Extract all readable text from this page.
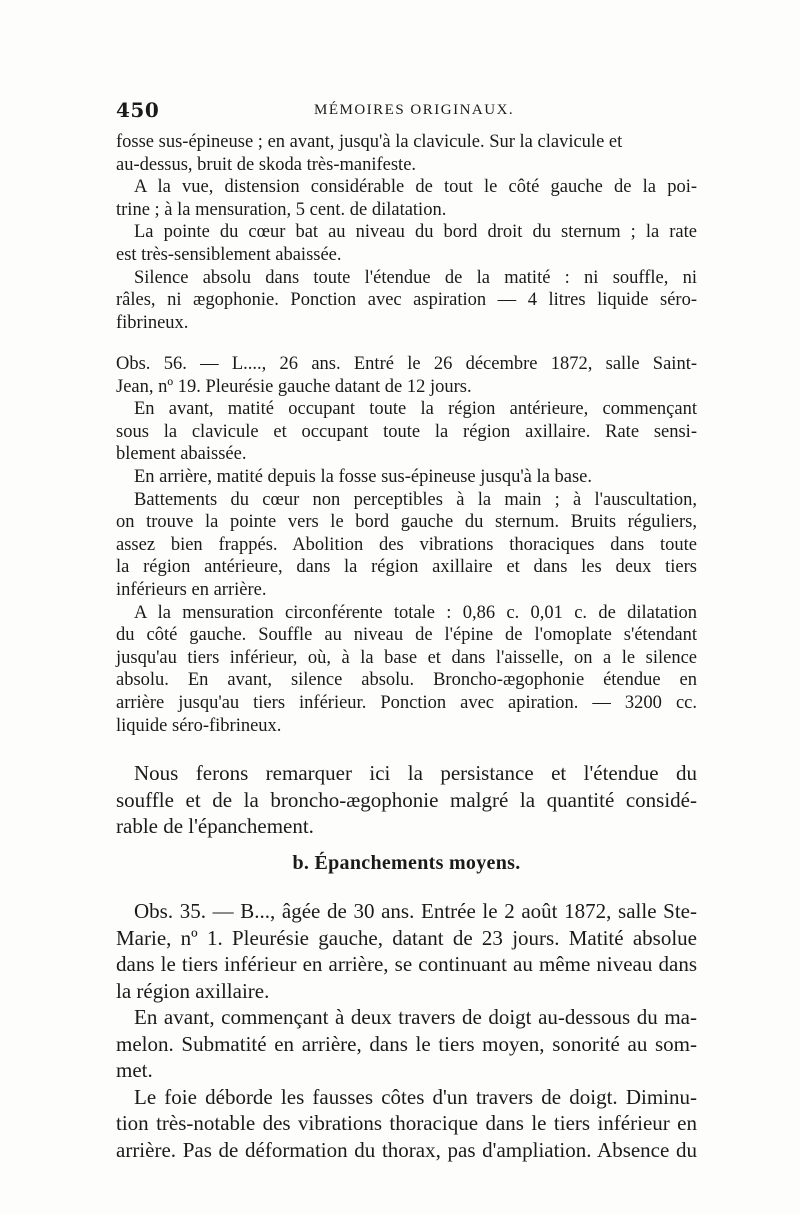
450	MÉMOIRES ORIGINAUX.
fosse sus-épineuse ; en avant, jusqu'à la clavicule. Sur la clavicule et
au-dessus, bruit de skoda très-manifeste.
A la vue, distension considérable de tout le côté gauche de la poi-
trine ; à la mensuration, 5 cent. de dilatation.
La pointe du cœur bat au niveau du bord droit du sternum ; la rate
est très-sensiblement abaissée.
Silence absolu dans toute l'étendue de la matité : ni souffle, ni
râles, ni ægophonie. Ponction avec aspiration — 4 litres liquide séro-
fibrineux.
Obs. 56. — L...., 26 ans. Entré le 26 décembre 1872, salle Saint-
Jean, nº 19. Pleurésie gauche datant de 12 jours.
En avant, matité occupant toute la région antérieure, commençant
sous la clavicule et occupant toute la région axillaire. Rate sensi-
blement abaissée.
En arrière, matité depuis la fosse sus-épineuse jusqu'à la base.
Battements du cœur non perceptibles à la main ; à l'auscultation,
on trouve la pointe vers le bord gauche du sternum. Bruits réguliers,
assez bien frappés. Abolition des vibrations thoraciques dans toute
la région antérieure, dans la région axillaire et dans les deux tiers
inférieurs en arrière.
A la mensuration circonférente totale : 0,86 c. 0,01 c. de dilatation
du côté gauche. Souffle au niveau de l'épine de l'omoplate s'étendant
jusqu'au tiers inférieur, où, à la base et dans l'aisselle, on a le silence
absolu. En avant, silence absolu. Broncho-ægophonie étendue en
arrière jusqu'au tiers inférieur. Ponction avec apiration. — 3200 cc.
liquide séro-fibrineux.
Nous ferons remarquer ici la persistance et l'étendue du
souffle et de la broncho-ægophonie malgré la quantité considé-
rable de l'épanchement.
b. Épanchements moyens.
Obs. 35. — B..., âgée de 30 ans. Entrée le 2 août 1872, salle Ste-
Marie, nº 1. Pleurésie gauche, datant de 23 jours. Matité absolue
dans le tiers inférieur en arrière, se continuant au même niveau dans
la région axillaire.
En avant, commençant à deux travers de doigt au-dessous du ma-
melon. Submatité en arrière, dans le tiers moyen, sonorité au som-
met.
Le foie déborde les fausses côtes d'un travers de doigt. Diminu-
tion très-notable des vibrations thoracique dans le tiers inférieur en
arrière. Pas de déformation du thorax, pas d'ampliation. Absence du
